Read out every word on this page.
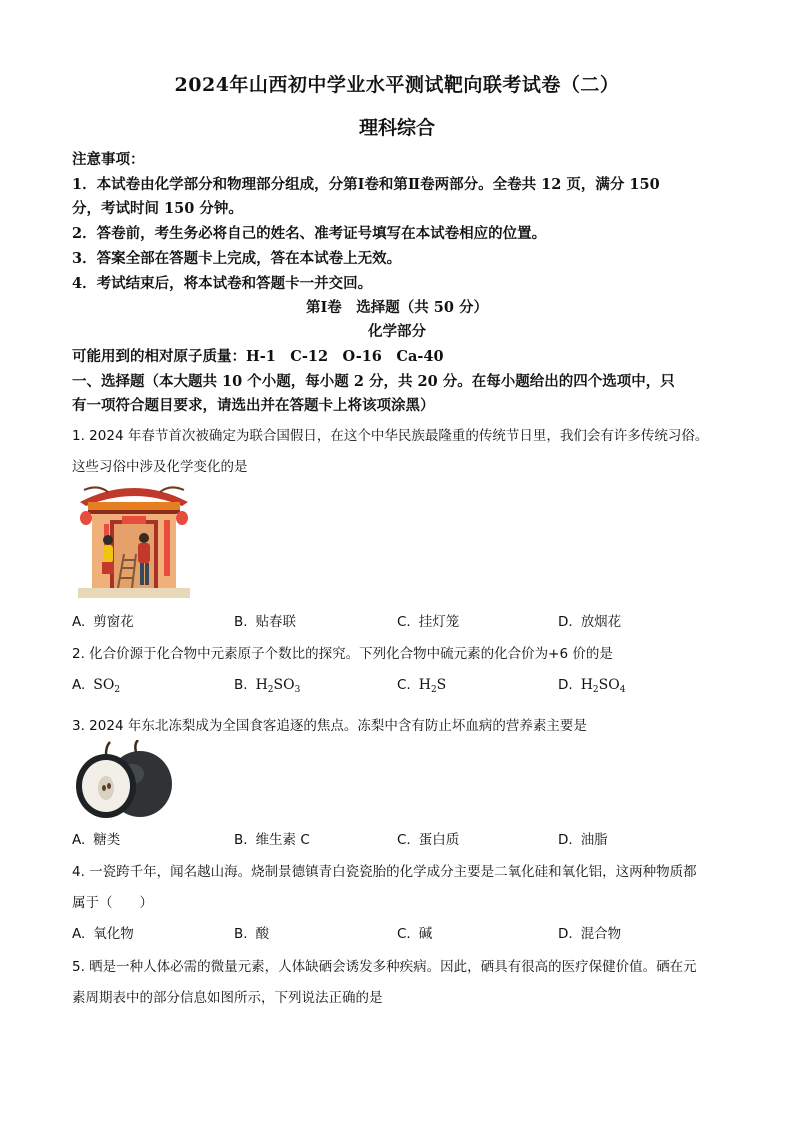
2024年山西初中学业水平测试靶向联考试卷（二）
理科综合
注意事项：
1．本试卷由化学部分和物理部分组成，分第Ⅰ卷和第Ⅱ卷两部分。全卷共 12 页，满分 150
分，考试时间 150 分钟。
2．答卷前，考生务必将自己的姓名、准考证号填写在本试卷相应的位置。
3．答案全部在答题卡上完成，答在本试卷上无效。
4．考试结束后，将本试卷和答题卡一并交回。
第Ⅰ卷　选择题（共 50 分）
化学部分
可能用到的相对原子质量：H-1　C-12　O-16　Ca-40
一、选择题（本大题共 10 个小题，每小题 2 分，共 20 分。在每小题给出的四个选项中，只
有一项符合题目要求，请选出并在答题卡上将该项涂黑）
1. 2024 年春节首次被确定为联合国假日，在这个中华民族最隆重的传统节日里，我们会有许多传统习俗。
这些习俗中涉及化学变化的是
A. 剪窗花	B. 贴春联	C. 挂灯笼	D. 放烟花
2. 化合价源于化合物中元素原子个数比的探究。下列化合物中硫元素的化合价为+6 价的是
A. $SO_2$	B. $H_2SO_3$	C. $H_2S$	D. $H_2SO_4$
3. 2024 年东北冻梨成为全国食客追逐的焦点。冻梨中含有防止坏血病的营养素主要是
A. 糖类	B. 维生素 C	C. 蛋白质	D. 油脂
4. 一瓷跨千年，闻名越山海。烧制景德镇青白瓷瓷胎的化学成分主要是二氧化硅和氧化铝，这两种物质都
属于（　　）
A. 氧化物	B. 酸	C. 碱	D. 混合物
5. 晒是一种人体必需的微量元素，人体缺硒会诱发多种疾病。因此，硒具有很高的医疗保健价值。硒在元
素周期表中的部分信息如图所示，下列说法正确的是
